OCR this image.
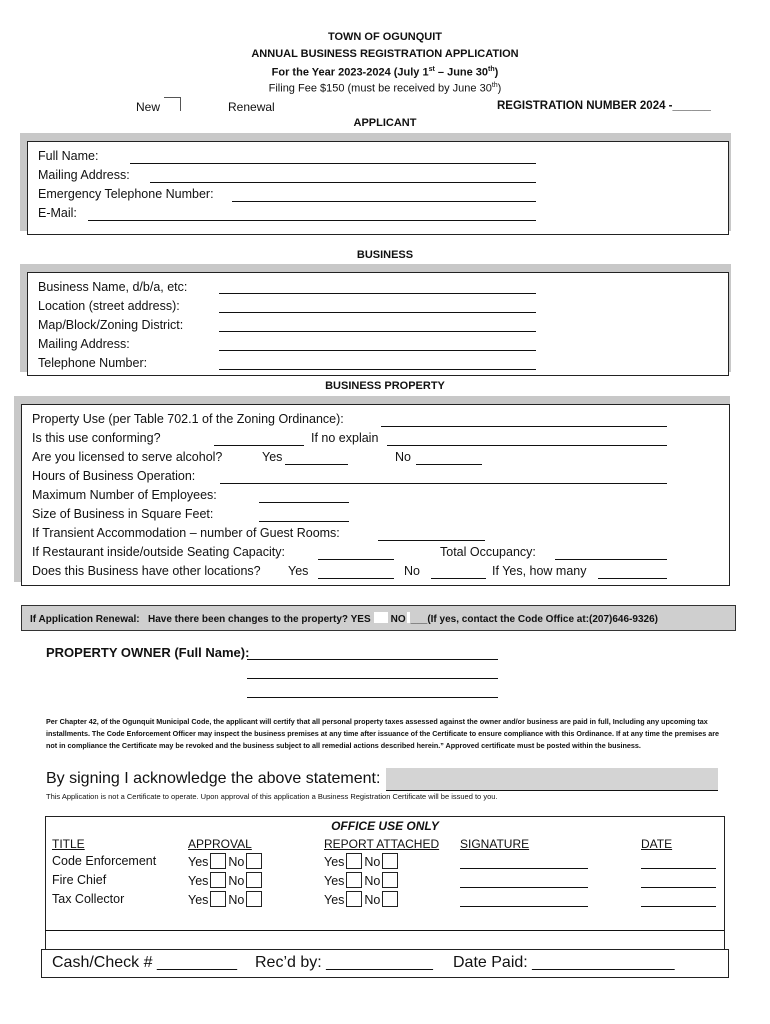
TOWN OF OGUNQUIT
ANNUAL BUSINESS REGISTRATION APPLICATION
For the Year 2023-2024 (July 1st – June 30th)
Filing Fee $150 (must be received by June 30th)
New	Renewal	REGISTRATION NUMBER 2024 -______
APPLICANT
Full Name:
Mailing Address:
Emergency Telephone Number:
E-Mail:
BUSINESS
Business Name, d/b/a, etc:
Location (street address):
Map/Block/Zoning District:
Mailing Address:
Telephone Number:
BUSINESS PROPERTY
Property Use (per Table 702.1 of the Zoning Ordinance):
Is this use conforming?	If no explain
Are you licensed to serve alcohol?	Yes	No
Hours of Business Operation:
Maximum Number of Employees:
Size of Business in Square Feet:
If Transient Accommodation – number of Guest Rooms:
If Restaurant inside/outside Seating Capacity:	Total Occupancy:
Does this Business have other locations? Yes	No	If Yes, how many
If Application Renewal: Have there been changes to the property? YES NO ___(If yes, contact the Code Office at:(207)646-9326)
PROPERTY OWNER (Full Name):
Per Chapter 42, of the Ogunquit Municipal Code, the applicant will certify that all personal property taxes assessed against the owner and/or business are paid in full, Including any upcoming tax installments. The Code Enforcement Officer may inspect the business premises at any time after issuance of the Certificate to ensure compliance with this Ordinance. If at any time the premises are not in compliance the Certificate may be revoked and the business subject to all remedial actions described herein.” Approved certificate must be posted within the business.
By signing I acknowledge the above statement:
This Application is not a Certificate to operate. Upon approval of this application a Business Registration Certificate will be issued to you.
OFFICE USE ONLY
TITLE	APPROVAL	REPORT ATTACHED SIGNATURE	DATE
Code Enforcement	Yes No	Yes No
Fire Chief	Yes No	Yes No
Tax Collector	Yes No	Yes No
Cash/Check # _________ Rec’d by: ____________ Date Paid: ________________
